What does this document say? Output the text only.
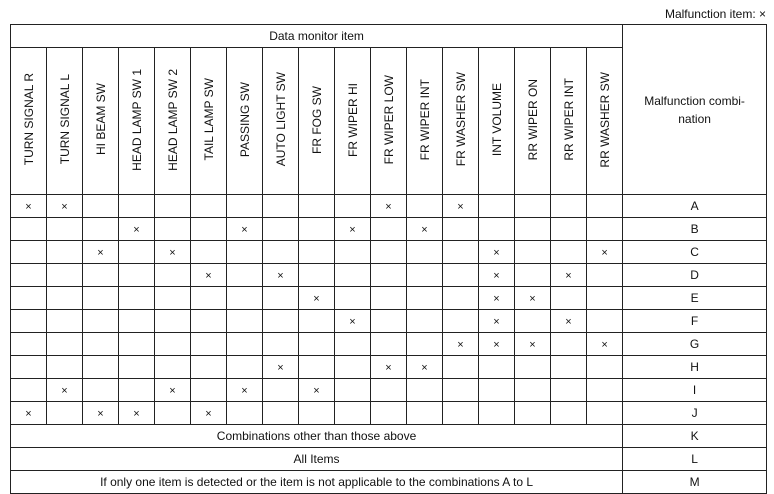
Malfunction item: ×
Data monitor item																	Malfunction combi-
nation
TURN SIGNAL R	TURN SIGNAL L	HI BEAM SW	HEAD LAMP SW 1	HEAD LAMP SW 2	TAIL LAMP SW	PASSING SW	AUTO LIGHT SW	FR FOG SW	FR WIPER HI	FR WIPER LOW	FR WIPER INT	FR WASHER SW	INT VOLUME	RR WIPER ON	RR WIPER INT	RR WASHER SW	
×	×									×		×					A
			×			×			×		×						B
		×		×									×			×	C
					×		×						×		×		D
								×					×	×			E
									×				×		×		F
												×	×	×		×	G
							×			×	×						H
	×			×		×		×									I
×		×	×		×												J
Combinations other than those above																	K
All Items																	L
If only one item is detected or the item is not applicable to the combinations A to L																	M
